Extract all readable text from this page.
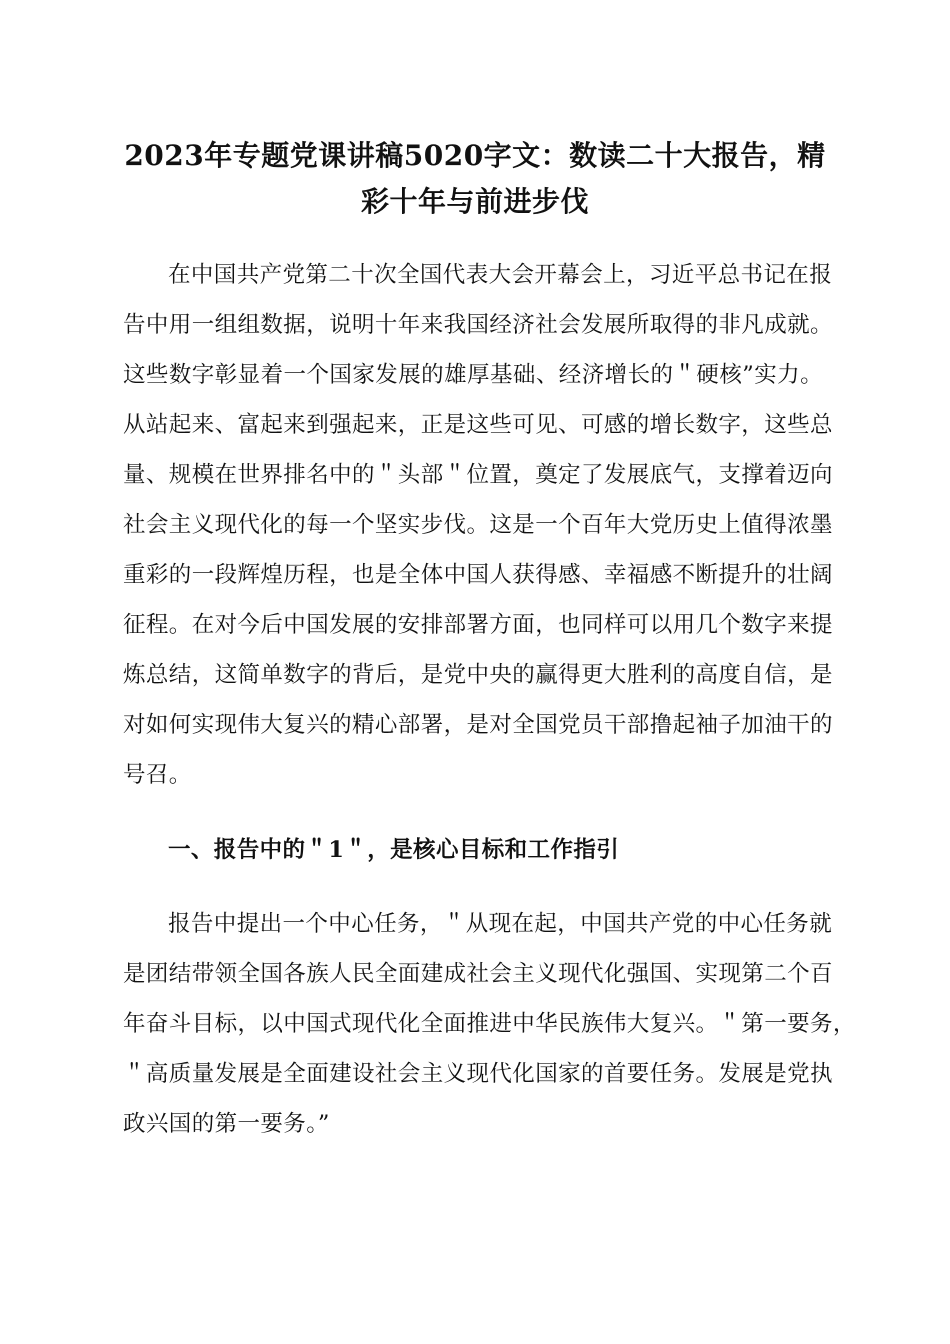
2023年专题党课讲稿5020字文：数读二十大报告，精
彩十年与前进步伐
在中国共产党第二十次全国代表大会开幕会上，习近平总书记在报
告中用一组组数据，说明十年来我国经济社会发展所取得的非凡成就。
这些数字彰显着一个国家发展的雄厚基础、经济增长的＂硬核”实力。
从站起来、富起来到强起来，正是这些可见、可感的增长数字，这些总
量、规模在世界排名中的＂头部＂位置，奠定了发展底气，支撑着迈向
社会主义现代化的每一个坚实步伐。这是一个百年大党历史上值得浓墨
重彩的一段辉煌历程，也是全体中国人获得感、幸福感不断提升的壮阔
征程。在对今后中国发展的安排部署方面，也同样可以用几个数字来提
炼总结，这简单数字的背后，是党中央的赢得更大胜利的高度自信，是
对如何实现伟大复兴的精心部署，是对全国党员干部撸起袖子加油干的
号召。
一、报告中的＂1＂，是核心目标和工作指引
报告中提出一个中心任务，＂从现在起，中国共产党的中心任务就
是团结带领全国各族人民全面建成社会主义现代化强国、实现第二个百
年奋斗目标，以中国式现代化全面推进中华民族伟大复兴。＂第一要务，
＂高质量发展是全面建设社会主义现代化国家的首要任务。发展是党执
政兴国的第一要务。”
